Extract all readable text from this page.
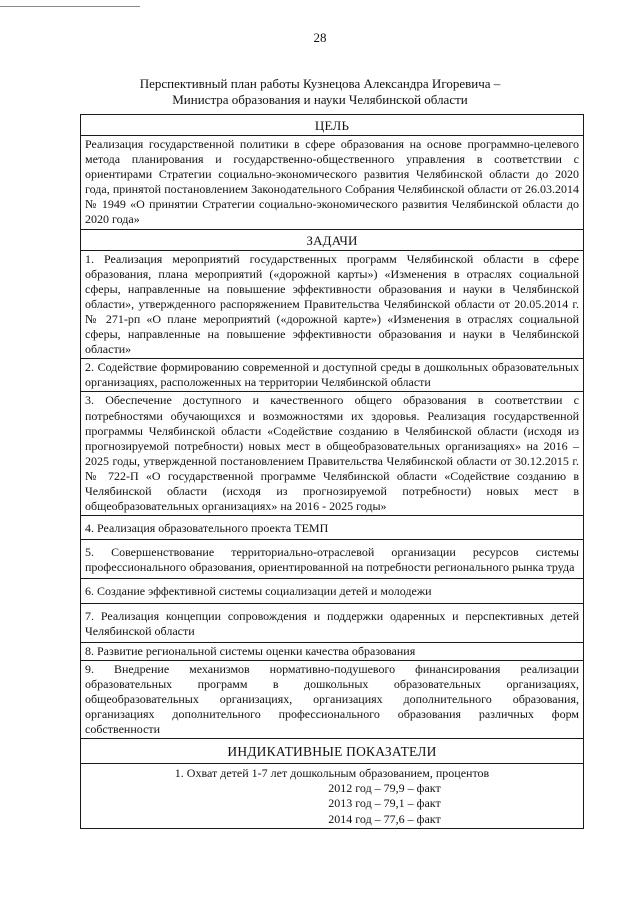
28
Перспективный план работы Кузнецова Александра Игоревича –
Министра образования и науки Челябинской области
ЦЕЛЬ
Реализация государственной политики в сфере образования на основе программно-целевого метода планирования и государственно-общественного управления в соответствии с ориентирами Стратегии социально-экономического развития Челябинской области до 2020 года, принятой постановлением Законодательного Собрания Челябинской области от 26.03.2014 № 1949 «О принятии Стратегии социально-экономического развития Челябинской области до 2020 года»
ЗАДАЧИ
1. Реализация мероприятий государственных программ Челябинской области в сфере образования, плана мероприятий («дорожной карты») «Изменения в отраслях социальной сферы, направленные на повышение эффективности образования и науки в Челябинской области», утвержденного распоряжением Правительства Челябинской области от 20.05.2014 г. № 271-рп «О плане мероприятий («дорожной карте») «Изменения в отраслях социальной сферы, направленные на повышение эффективности образования и науки в Челябинской области»
2. Содействие формированию современной и доступной среды в дошкольных образовательных организациях, расположенных на территории Челябинской области
3. Обеспечение доступного и качественного общего образования в соответствии с потребностями обучающихся и возможностями их здоровья. Реализация государственной программы Челябинской области «Содействие созданию в Челябинской области (исходя из прогнозируемой потребности) новых мест в общеобразовательных организациях» на 2016 – 2025 годы, утвержденной постановлением Правительства Челябинской области от 30.12.2015 г. № 722-П «О государственной программе Челябинской области «Содействие созданию в Челябинской области (исходя из прогнозируемой потребности) новых мест в общеобразовательных организациях» на 2016 - 2025 годы»
4. Реализация образовательного проекта ТЕМП
5. Совершенствование территориально-отраслевой организации ресурсов системы профессионального образования, ориентированной на потребности регионального рынка труда
6. Создание эффективной системы социализации детей и молодежи
7. Реализация концепции сопровождения и поддержки одаренных и перспективных детей Челябинской области
8. Развитие региональной системы оценки качества образования
9. Внедрение механизмов нормативно-подушевого финансирования реализации образовательных программ в дошкольных образовательных организациях, общеобразовательных организациях, организациях дополнительного образования, организациях дополнительного профессионального образования различных форм собственности
ИНДИКАТИВНЫЕ ПОКАЗАТЕЛИ
1. Охват детей 1-7 лет дошкольным образованием, процентов
2012 год – 79,9 – факт
2013 год – 79,1 – факт
2014 год – 77,6 – факт
